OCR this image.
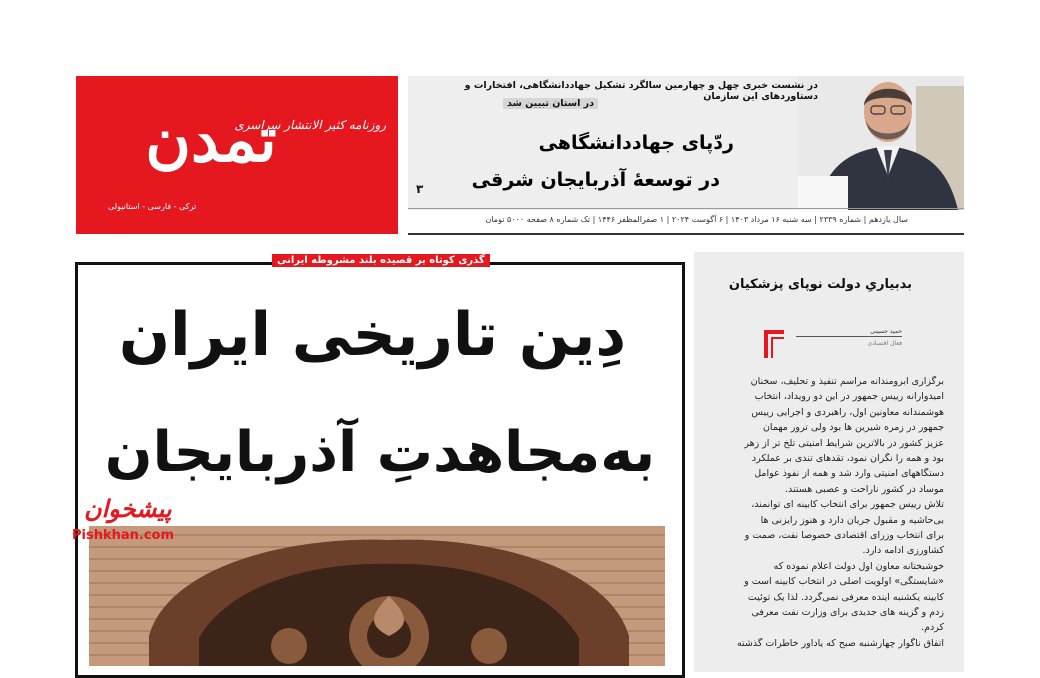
تمدن
روزنامه کثیر الانتشار سراسری
ترکی - فارسی - استانبولی
در نشست خبری چهل و چهارمین سالگرد تشکیل جهاددانشگاهی، افتخارات و دستاوردهای این سازمان
در استان تبیین شد
ردّپای جهاددانشگاهی
در توسعهٔ آذربایجان شرقی
۳
سال یازدهم | شماره ۲۳۳۹ | سه شنبه ۱۶ مرداد ۱۴۰۳ | ۶ آگوست ۲۰۲۴ | ۱ صفرالمظفر ۱۴۴۶ | تک شماره ۸ صفحه ۵۰۰۰ تومان
گذری کوتاه بر قصیده بلند مشروطه ایرانی
دِین تاریخی ایران
به‌مجاهدتِ آذربایجان
پیشخوان
Pishkhan.com
بدبیاریِ دولت نوپای پزشکیان
حمید حسینی
فعال اقتصادی
برگزاری آبرومندانه مراسم تنفیذ و تحلیف، سخنان
امیدوارانه رییس جمهور در این دو رویداد، انتخاب
هوشمندانه معاونین اول، راهبردی و اجرایی رییس
جمهور در زمره شیرین ها بود ولی ترور مهمان
عزیز کشور در بالاترین شرایط امنیتی تلخ تر از زهر
بود و همه را نگران نمود، تقدهای تندی بر عملکرد
دستگاههای امنیتی وارد شد و همه از نفوذ عوامل
موساد در کشور ناراحت و عصبی هستند.
تلاش رییس جمهور برای انتخاب کابینه ای توانمند،
بی‌حاشیه و مقبول جریان دارد و هنوز رایزنی ها
برای انتخاب وزرای اقتصادی خصوصا نفت، صمت و
کشاورزی ادامه دارد.
خوشبختانه معاون اول دولت اعلام نموده که
«شایستگی» اولویت اصلی در انتخاب کابینه است و
کابینه یکشنبه آینده معرفی نمی‌گردد. لذا یک توئیت
زدم و گزینه های جدیدی برای وزارت نفت معرفی
کردم.
اتفاق ناگوار چهارشنبه صبح که یادآور خاطرات گذشته
